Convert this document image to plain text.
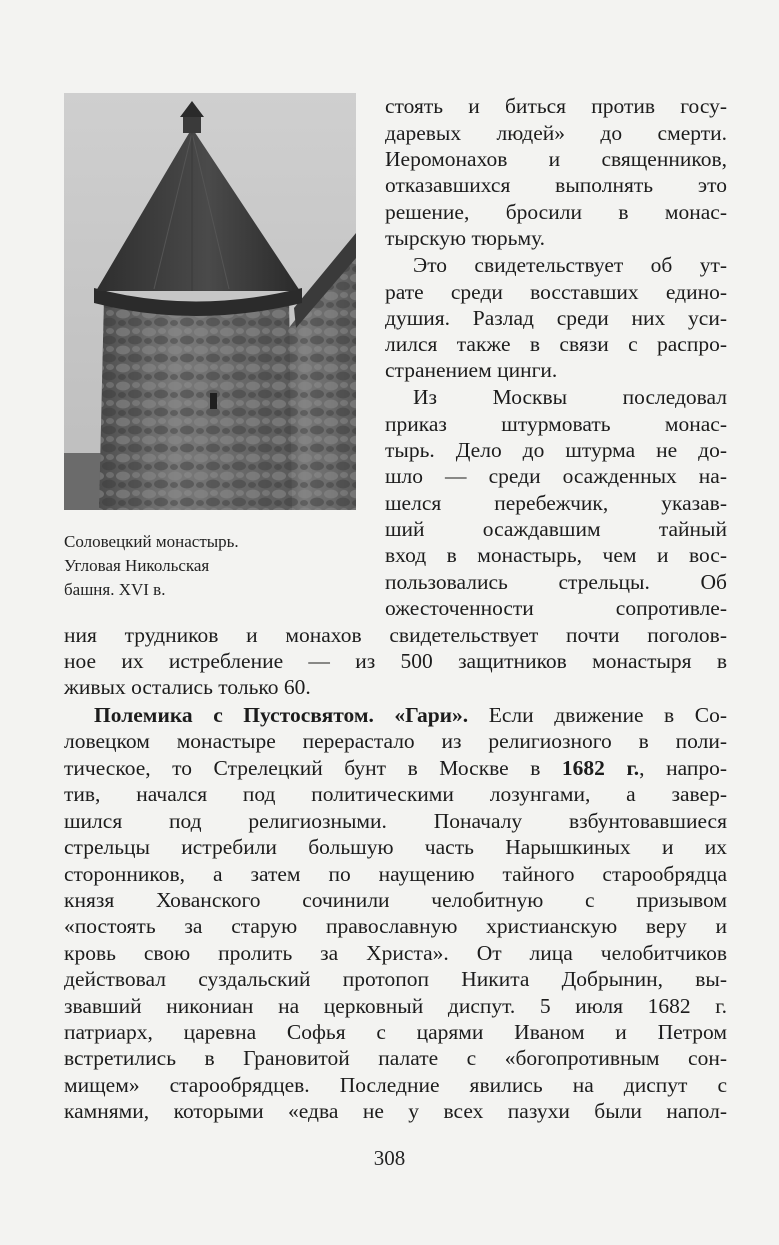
Соловецкий монастырь.
Угловая Никольская
башня. XVI в.
стоять и биться против госу-
даревых людей» до смерти.
Иеромонахов и священников,
отказавшихся выполнять это
решение, бросили в монас-
тырскую тюрьму.
Это свидетельствует об ут-
рате среди восставших едино-
душия. Разлад среди них уси-
лился также в связи с распро-
странением цинги.
Из Москвы последовал
приказ штурмовать монас-
тырь. Дело до штурма не до-
шло — среди осажденных на-
шелся перебежчик, указав-
ший осаждавшим тайный
вход в монастырь, чем и вос-
пользовались стрельцы. Об
ожесточенности сопротивле-
ния трудников и монахов свидетельствует почти поголов-
ное их истребление — из 500 защитников монастыря в
живых остались только 60.
Полемика с Пустосвятом. «Гари». Если движение в Со-
ловецком монастыре перерастало из религиозного в поли-
тическое, то Стрелецкий бунт в Москве в 1682 г., напро-
тив, начался под политическими лозунгами, а завер-
шился под религиозными. Поначалу взбунтовавшиеся
стрельцы истребили большую часть Нарышкиных и их
сторонников, а затем по наущению тайного старообрядца
князя Хованского сочинили челобитную с призывом
«постоять за старую православную христианскую веру и
кровь свою пролить за Христа». От лица челобитчиков
действовал суздальский протопоп Никита Добрынин, вы-
звавший никониан на церковный диспут. 5 июля 1682 г.
патриарх, царевна Софья с царями Иваном и Петром
встретились в Грановитой палате с «богопротивным сон-
мищем» старообрядцев. Последние явились на диспут с
камнями, которыми «едва не у всех пазухи были напол-
308
